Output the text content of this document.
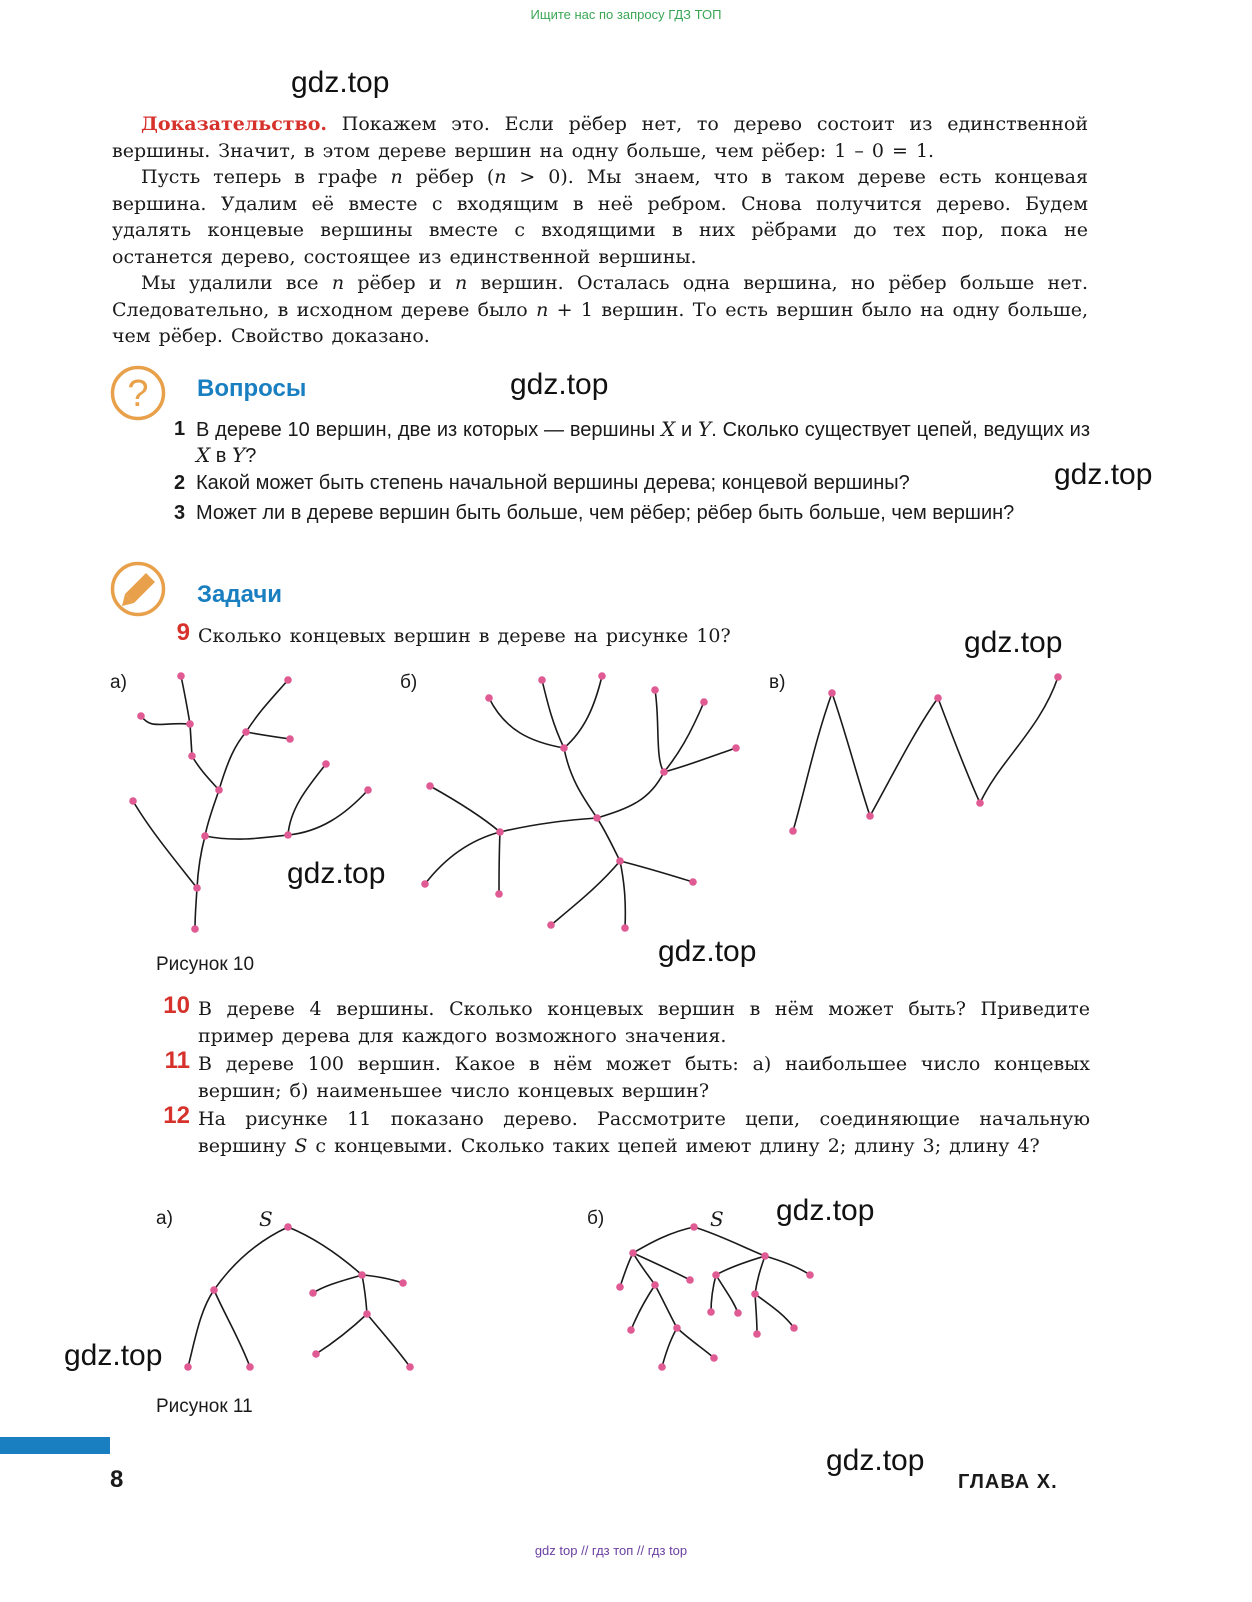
Ищите нас по запросу ГДЗ ТОП
gdz.top
gdz.top
gdz.top
gdz.top
gdz.top
gdz.top
gdz.top
gdz.top
gdz.top

Доказательство. Покажем это. Если рёбер нет, то дерево состоит из единственной вершины. Значит, в этом дереве вершин на одну больше, чем рёбер: 1 – 0 = 1.

Пусть теперь в графе n рёбер (n > 0). Мы знаем, что в таком дереве есть концевая вершина. Удалим её вместе с входящим в неё ребром. Снова получится дерево. Будем удалять концевые вершины вместе с входящими в них рёбрами до тех пор, пока не останется дерево, состоящее из единственной вершины.

Мы удалили все n рёбер и n вершин. Осталась одна вершина, но рёбер больше нет. Следовательно, в исходном дереве было n + 1 вершин. То есть вершин было на одну больше, чем рёбер. Свойство доказано.

? Вопросы
1 В дереве 10 вершин, две из которых — вершины X и Y. Сколько существует цепей, ведущих из X в Y?
2 Какой может быть степень начальной вершины дерева; концевой вершины?
3 Может ли в дереве вершин быть больше, чем рёбер; рёбер быть больше, чем вершин?
Задачи
9 Сколько концевых вершин в дереве на рисунке 10?
а)	б)	в)
Рисунок 10
10 В дереве 4 вершины. Сколько концевых вершин в нём может быть? Приведите пример дерева для каждого возможного значения.
11 В дереве 100 вершин. Какое в нём может быть: а) наибольшее число концевых вершин; б) наименьшее число концевых вершин?
12 На рисунке 11 показано дерево. Рассмотрите цепи, соединяющие начальную вершину S с концевыми. Сколько таких цепей имеют длину 2; длину 3; длину 4?
а)	S	б)	S
Рисунок 11
8	ГЛАВА X.
gdz top // гдз топ // гдз top
